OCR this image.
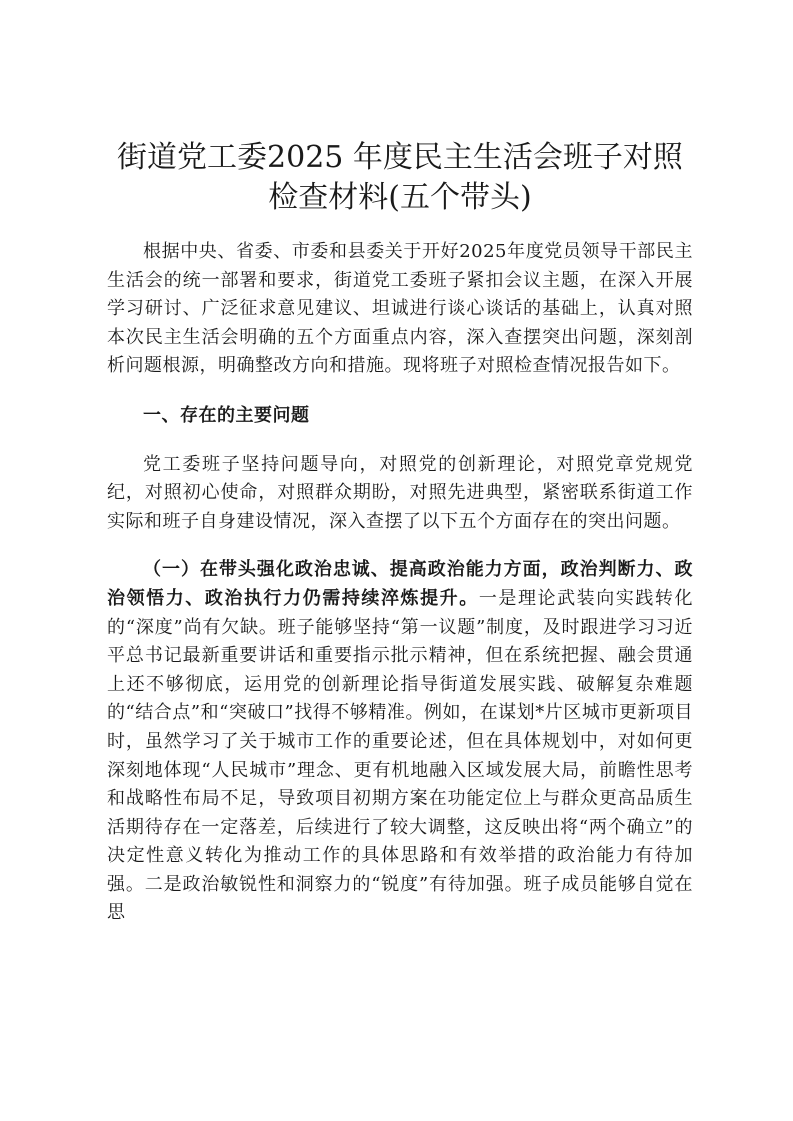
街道党工委2025 年度民主生活会班子对照检查材料(五个带头)

根据中央、省委、市委和县委关于开好2025年度党员领导干部民主生活会的统一部署和要求，街道党工委班子紧扣会议主题，在深入开展学习研讨、广泛征求意见建议、坦诚进行谈心谈话的基础上，认真对照本次民主生活会明确的五个方面重点内容，深入查摆突出问题，深刻剖析问题根源，明确整改方向和措施。现将班子对照检查情况报告如下。

一、存在的主要问题

党工委班子坚持问题导向，对照党的创新理论，对照党章党规党纪，对照初心使命，对照群众期盼，对照先进典型，紧密联系街道工作实际和班子自身建设情况，深入查摆了以下五个方面存在的突出问题。

（一）在带头强化政治忠诚、提高政治能力方面，政治判断力、政治领悟力、政治执行力仍需持续淬炼提升。一是理论武装向实践转化的“深度”尚有欠缺。班子能够坚持“第一议题”制度，及时跟进学习习近平总书记最新重要讲话和重要指示批示精神，但在系统把握、融会贯通上还不够彻底，运用党的创新理论指导街道发展实践、破解复杂难题的“结合点”和“突破口”找得不够精准。例如，在谋划*片区城市更新项目时，虽然学习了关于城市工作的重要论述，但在具体规划中，对如何更深刻地体现“人民城市”理念、更有机地融入区域发展大局，前瞻性思考和战略性布局不足，导致项目初期方案在功能定位上与群众更高品质生活期待存在一定落差，后续进行了较大调整，这反映出将“两个确立”的决定性意义转化为推动工作的具体思路和有效举措的政治能力有待加强。二是政治敏锐性和洞察力的“锐度”有待加强。班子成员能够自觉在思
